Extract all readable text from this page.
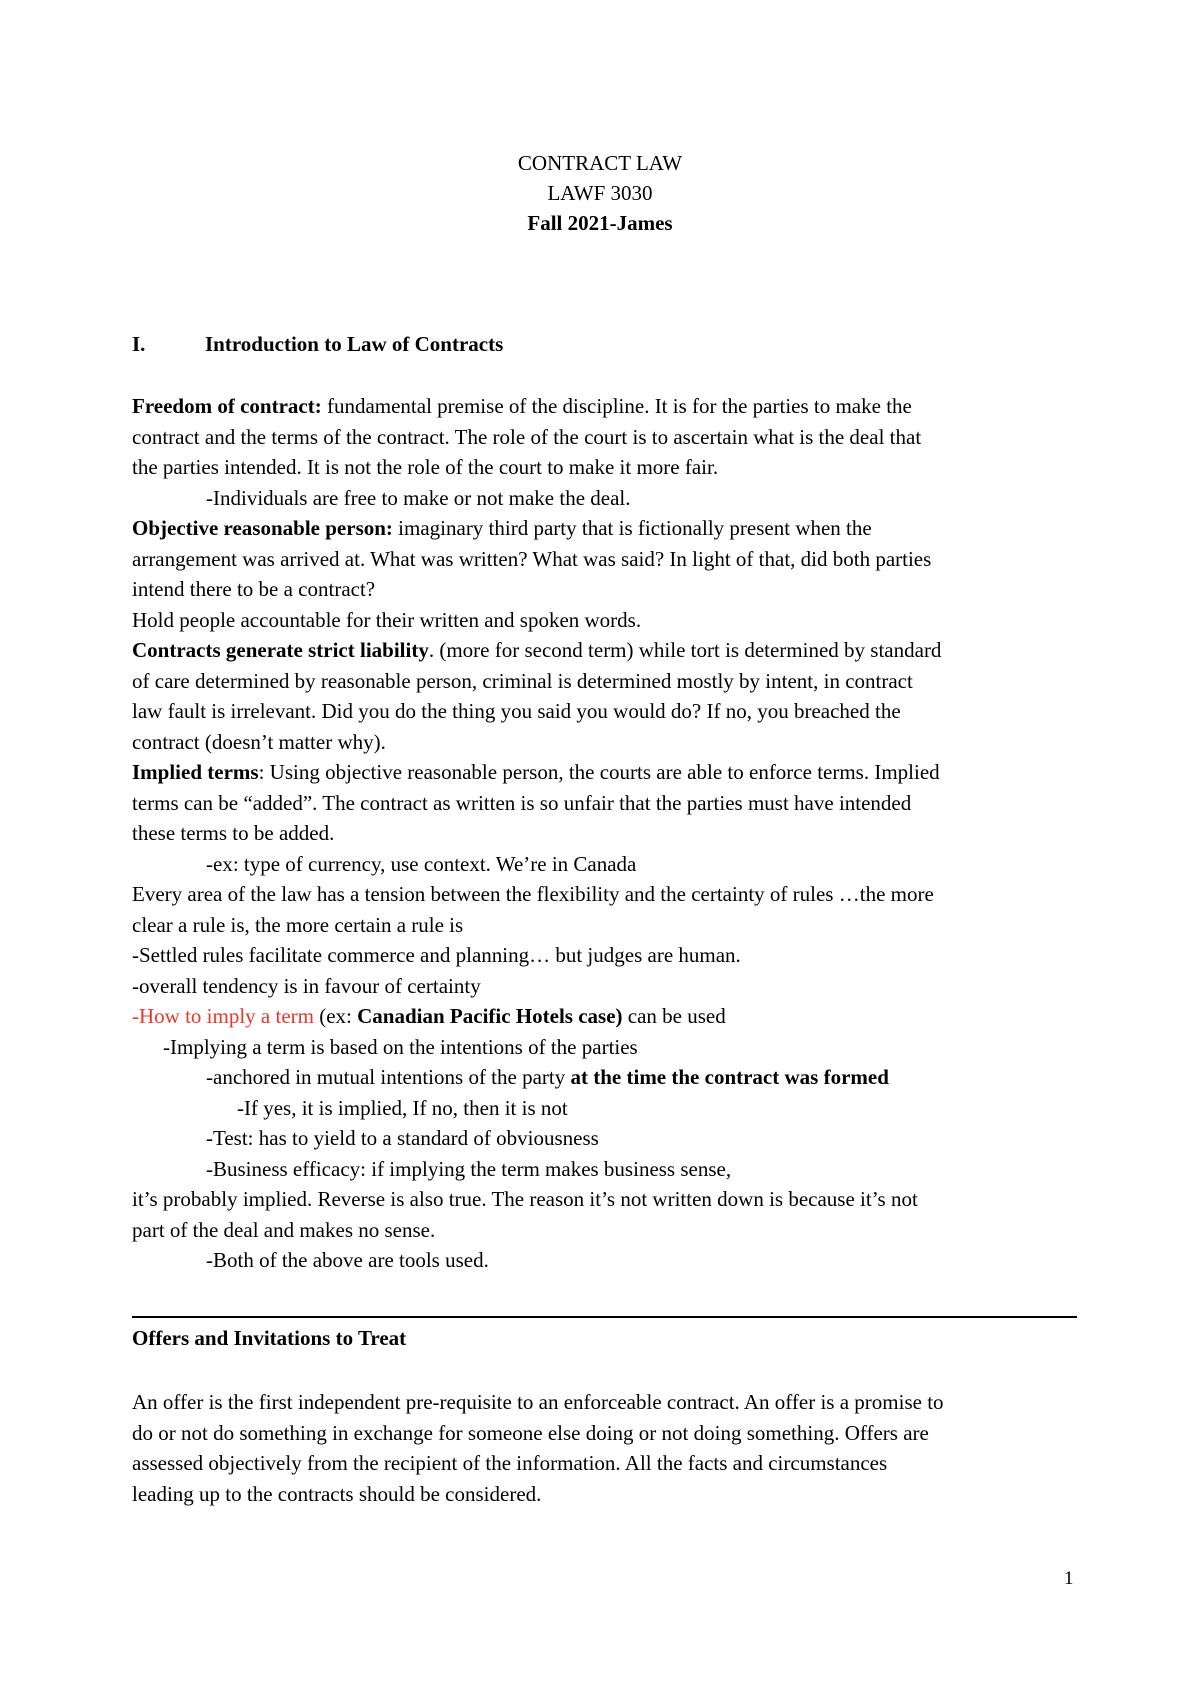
CONTRACT LAW
LAWF 3030
Fall 2021-James
I.	Introduction to Law of Contracts
Freedom of contract: fundamental premise of the discipline. It is for the parties to make the
contract and the terms of the contract. The role of the court is to ascertain what is the deal that
the parties intended. It is not the role of the court to make it more fair.
-Individuals are free to make or not make the deal.
Objective reasonable person: imaginary third party that is fictionally present when the
arrangement was arrived at. What was written? What was said? In light of that, did both parties
intend there to be a contract?
Hold people accountable for their written and spoken words.
Contracts generate strict liability. (more for second term) while tort is determined by standard
of care determined by reasonable person, criminal is determined mostly by intent, in contract
law fault is irrelevant. Did you do the thing you said you would do? If no, you breached the
contract (doesn’t matter why).
Implied terms: Using objective reasonable person, the courts are able to enforce terms. Implied
terms can be “added”. The contract as written is so unfair that the parties must have intended
these terms to be added.
-ex: type of currency, use context. We’re in Canada
Every area of the law has a tension between the flexibility and the certainty of rules …the more
clear a rule is, the more certain a rule is
-Settled rules facilitate commerce and planning… but judges are human.
-overall tendency is in favour of certainty
-How to imply a term (ex: Canadian Pacific Hotels case) can be used
-Implying a term is based on the intentions of the parties
-anchored in mutual intentions of the party at the time the contract was formed
-If yes, it is implied, If no, then it is not
-Test: has to yield to a standard of obviousness
-Business efficacy: if implying the term makes business sense,
it’s probably implied. Reverse is also true. The reason it’s not written down is because it’s not
part of the deal and makes no sense.
-Both of the above are tools used.
Offers and Invitations to Treat
An offer is the first independent pre-requisite to an enforceable contract. An offer is a promise to
do or not do something in exchange for someone else doing or not doing something. Offers are
assessed objectively from the recipient of the information. All the facts and circumstances
leading up to the contracts should be considered.
1
